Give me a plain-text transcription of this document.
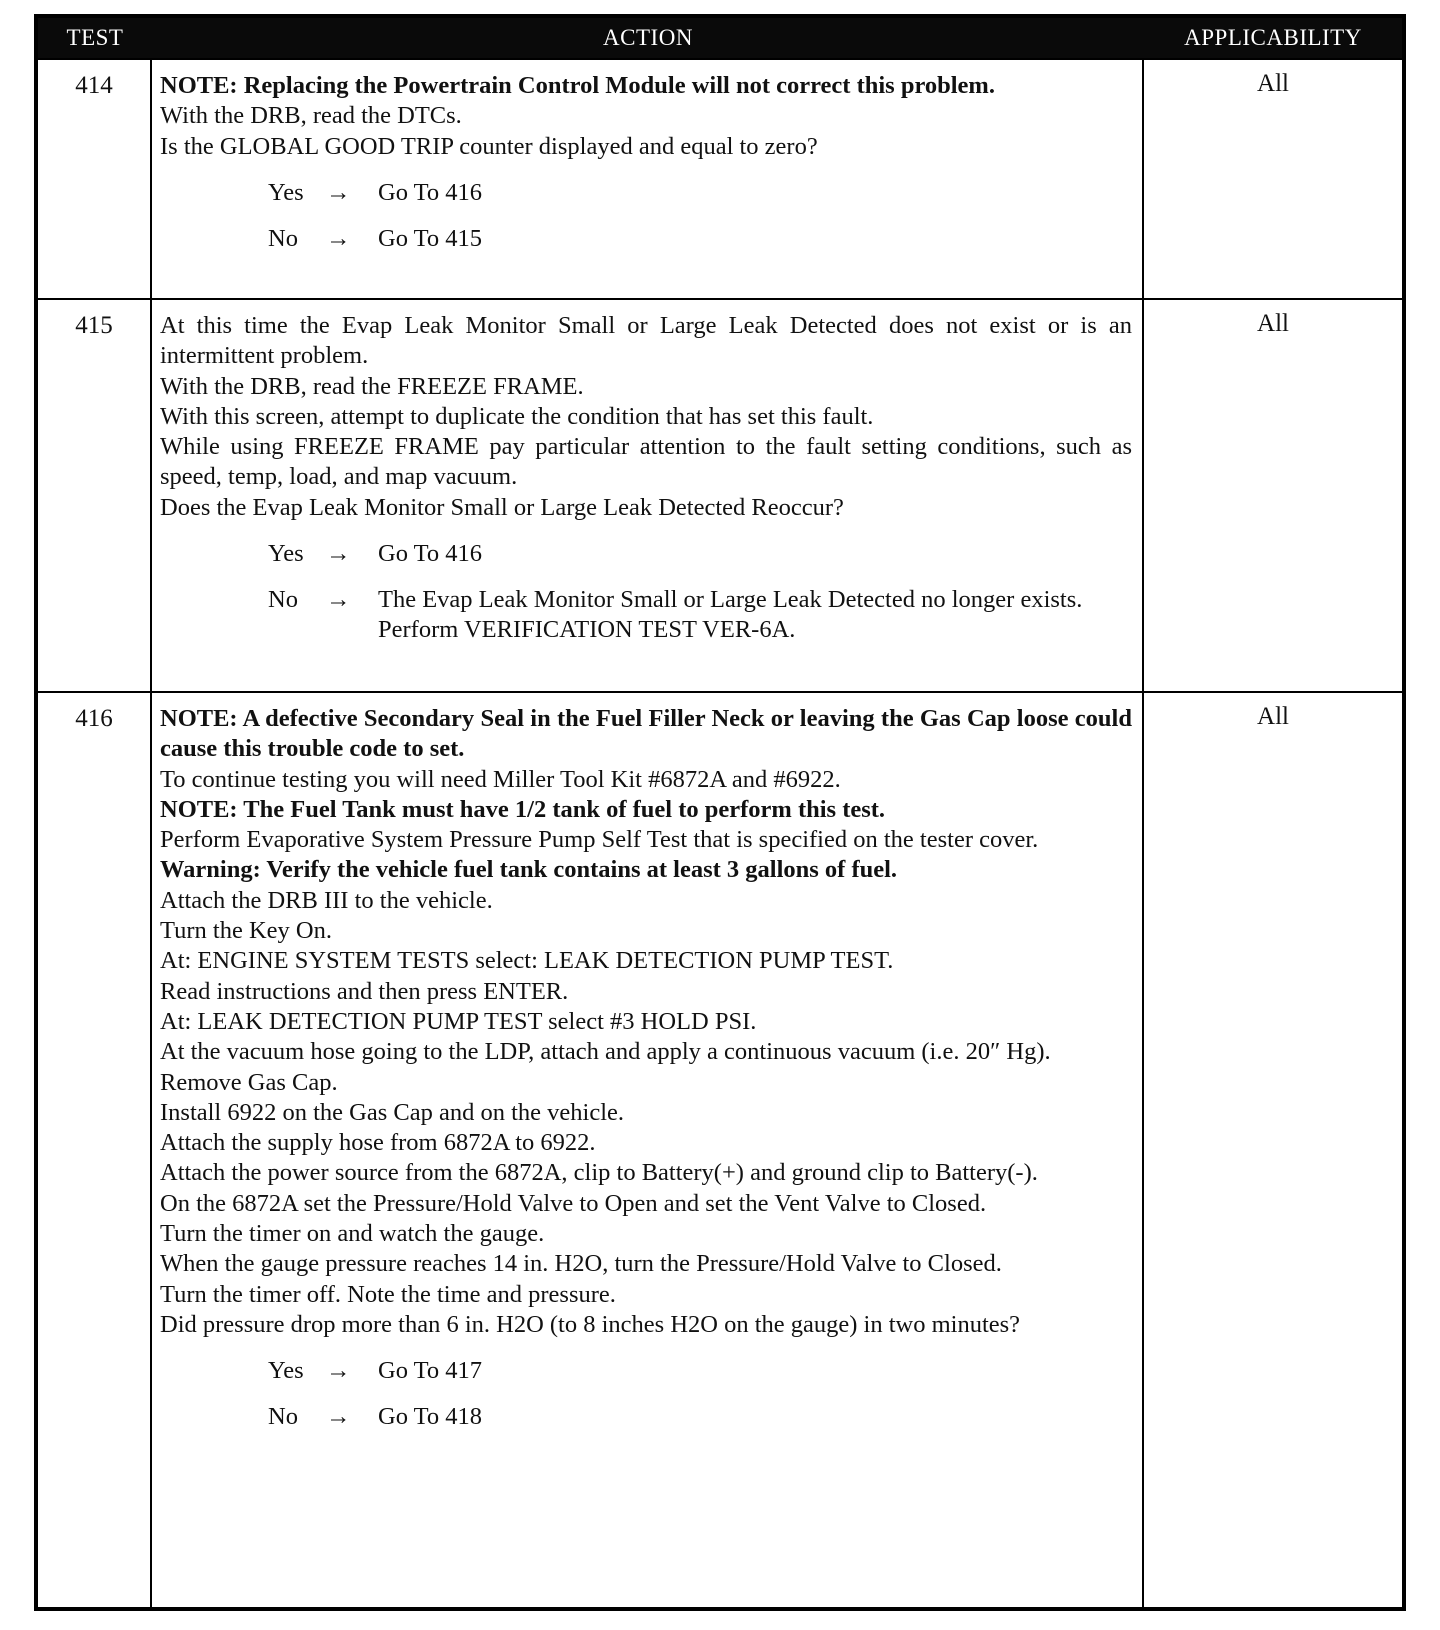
TEST	ACTION	APPLICABILITY
414	NOTE: Replacing the Powertrain Control Module will not correct this problem.
With the DRB, read the DTCs.
Is the GLOBAL GOOD TRIP counter displayed and equal to zero?
Yes →	Go To 416
No	→	Go To 415
All
415	At this time the Evap Leak Monitor Small or Large Leak Detected does not exist or is an intermittent problem.
With the DRB, read the FREEZE FRAME.
With this screen, attempt to duplicate the condition that has set this fault.
While using FREEZE FRAME pay particular attention to the fault setting conditions, such as speed, temp, load, and map vacuum.
Does the Evap Leak Monitor Small or Large Leak Detected Reoccur?
Yes →	Go To 416
No	→	The Evap Leak Monitor Small or Large Leak Detected no longer exists.
Perform VERIFICATION TEST VER-6A.
All
416	NOTE: A defective Secondary Seal in the Fuel Filler Neck or leaving the Gas Cap loose could cause this trouble code to set.
To continue testing you will need Miller Tool Kit #6872A and #6922.
NOTE: The Fuel Tank must have 1/2 tank of fuel to perform this test.
Perform Evaporative System Pressure Pump Self Test that is specified on the tester cover.
Warning: Verify the vehicle fuel tank contains at least 3 gallons of fuel.
Attach the DRB III to the vehicle.
Turn the Key On.
At: ENGINE SYSTEM TESTS select: LEAK DETECTION PUMP TEST.
Read instructions and then press ENTER.
At: LEAK DETECTION PUMP TEST select #3 HOLD PSI.
At the vacuum hose going to the LDP, attach and apply a continuous vacuum (i.e. 20″ Hg).
Remove Gas Cap.
Install 6922 on the Gas Cap and on the vehicle.
Attach the supply hose from 6872A to 6922.
Attach the power source from the 6872A, clip to Battery(+) and ground clip to Battery(-).
On the 6872A set the Pressure/Hold Valve to Open and set the Vent Valve to Closed.
Turn the timer on and watch the gauge.
When the gauge pressure reaches 14 in. H2O, turn the Pressure/Hold Valve to Closed.
Turn the timer off. Note the time and pressure.
Did pressure drop more than 6 in. H2O (to 8 inches H2O on the gauge) in two minutes?
Yes →	Go To 417
No	→	Go To 418
All
